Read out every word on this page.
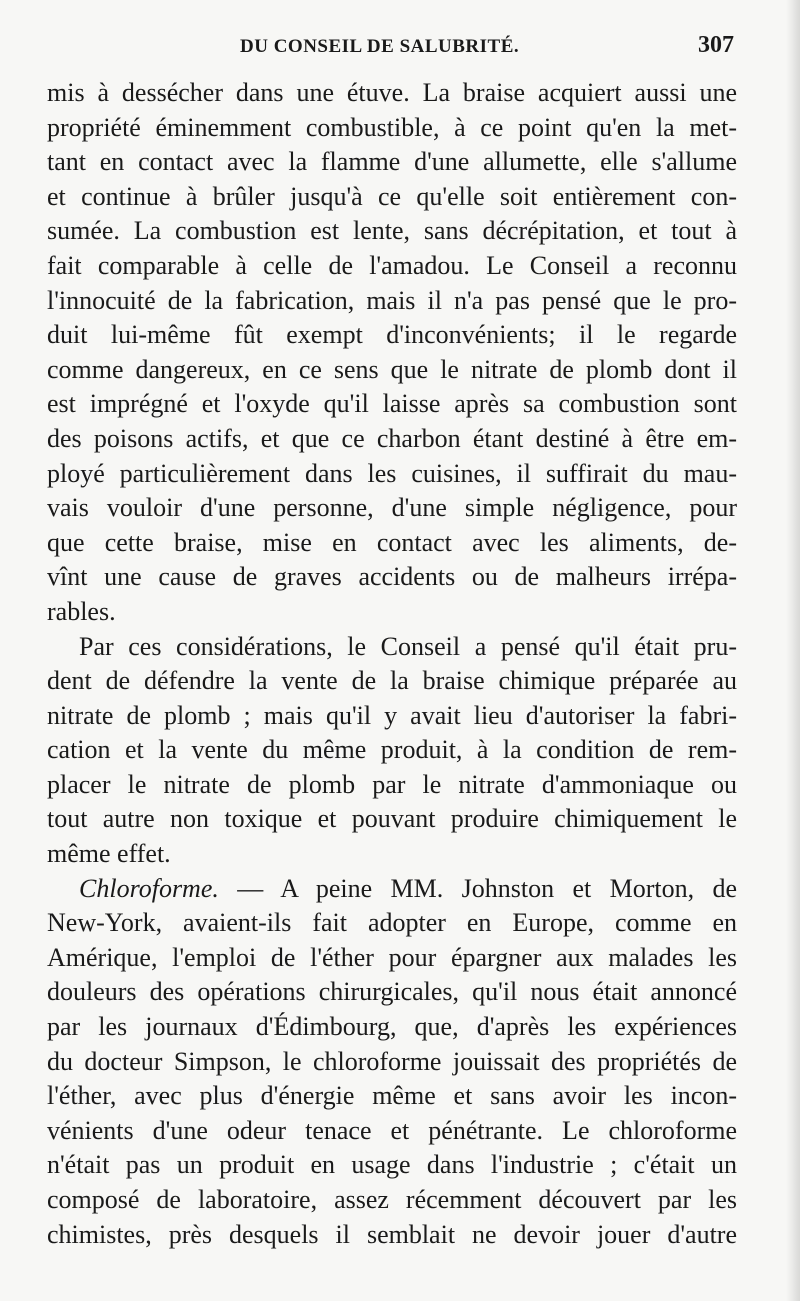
DU CONSEIL DE SALUBRITÉ.	307
mis à dessécher dans une étuve. La braise acquiert aussi une
propriété éminemment combustible, à ce point qu'en la met-
tant en contact avec la flamme d'une allumette, elle s'allume
et continue à brûler jusqu'à ce qu'elle soit entièrement con-
sumée. La combustion est lente, sans décrépitation, et tout à
fait comparable à celle de l'amadou. Le Conseil a reconnu
l'innocuité de la fabrication, mais il n'a pas pensé que le pro-
duit lui-même fût exempt d'inconvénients; il le regarde
comme dangereux, en ce sens que le nitrate de plomb dont il
est imprégné et l'oxyde qu'il laisse après sa combustion sont
des poisons actifs, et que ce charbon étant destiné à être em-
ployé particulièrement dans les cuisines, il suffirait du mau-
vais vouloir d'une personne, d'une simple négligence, pour
que cette braise, mise en contact avec les aliments, de-
vînt une cause de graves accidents ou de malheurs irrépa-
rables.
Par ces considérations, le Conseil a pensé qu'il était pru-
dent de défendre la vente de la braise chimique préparée au
nitrate de plomb ; mais qu'il y avait lieu d'autoriser la fabri-
cation et la vente du même produit, à la condition de rem-
placer le nitrate de plomb par le nitrate d'ammoniaque ou
tout autre non toxique et pouvant produire chimiquement le
même effet.
Chloroforme. — A peine MM. Johnston et Morton, de
New-York, avaient-ils fait adopter en Europe, comme en
Amérique, l'emploi de l'éther pour épargner aux malades les
douleurs des opérations chirurgicales, qu'il nous était annoncé
par les journaux d'Édimbourg, que, d'après les expériences
du docteur Simpson, le chloroforme jouissait des propriétés de
l'éther, avec plus d'énergie même et sans avoir les incon-
vénients d'une odeur tenace et pénétrante. Le chloroforme
n'était pas un produit en usage dans l'industrie ; c'était un
composé de laboratoire, assez récemment découvert par les
chimistes, près desquels il semblait ne devoir jouer d'autre
